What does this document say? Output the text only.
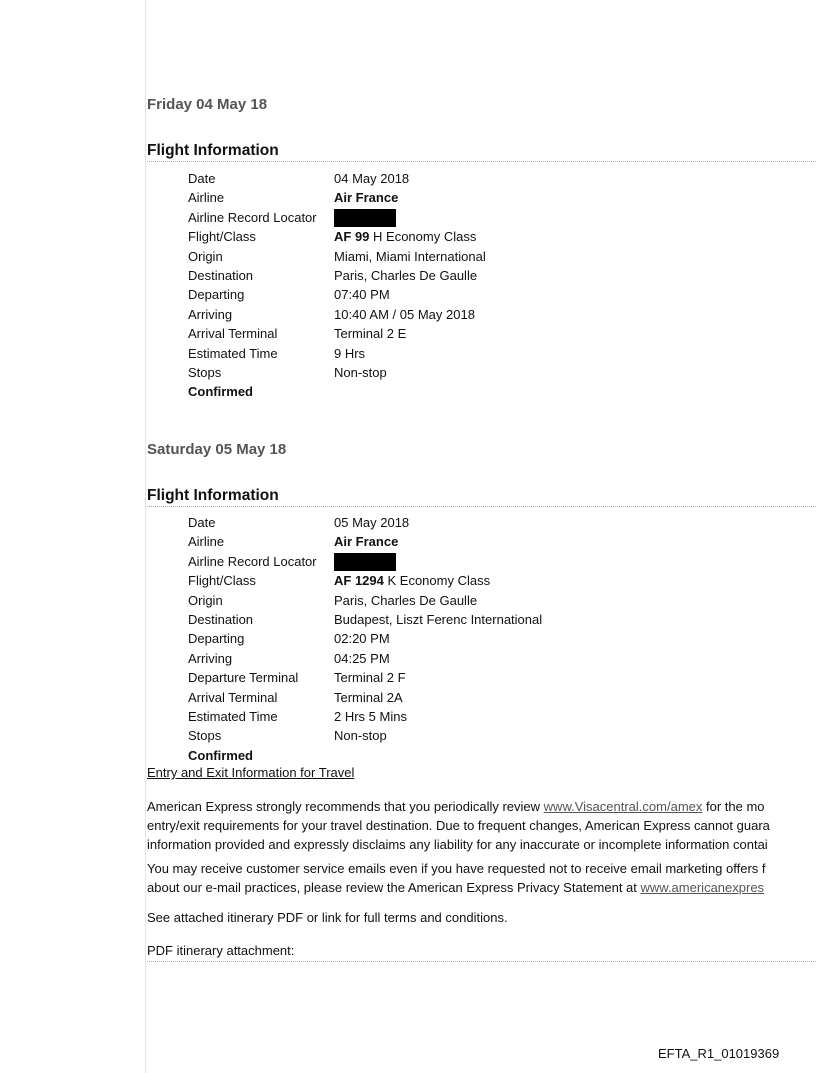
Friday 04 May 18
Flight Information
Date	04 May 2018
Airline	Air France
Airline Record Locator
Flight/Class	AF 99 H Economy Class
Origin	Miami, Miami International
Destination	Paris, Charles De Gaulle
Departing	07:40 PM
Arriving	10:40 AM / 05 May 2018
Arrival Terminal	Terminal 2 E
Estimated Time	9 Hrs
Stops	Non-stop
Confirmed
Saturday 05 May 18
Flight Information
Date	05 May 2018
Airline	Air France
Airline Record Locator
Flight/Class	AF 1294 K Economy Class
Origin	Paris, Charles De Gaulle
Destination	Budapest, Liszt Ferenc International
Departing	02:20 PM
Arriving	04:25 PM
Departure Terminal	Terminal 2 F
Arrival Terminal	Terminal 2A
Estimated Time	2 Hrs 5 Mins
Stops	Non-stop
Confirmed
Entry and Exit Information for Travel
American Express strongly recommends that you periodically review www.Visacentral.com/amex for the mo
entry/exit requirements for your travel destination. Due to frequent changes, American Express cannot guara
information provided and expressly disclaims any liability for any inaccurate or incomplete information contai
You may receive customer service emails even if you have requested not to receive email marketing offers f
about our e-mail practices, please review the American Express Privacy Statement at www.americanexpres
See attached itinerary PDF or link for full terms and conditions.
PDF itinerary attachment:
EFTA_R1_01019369
